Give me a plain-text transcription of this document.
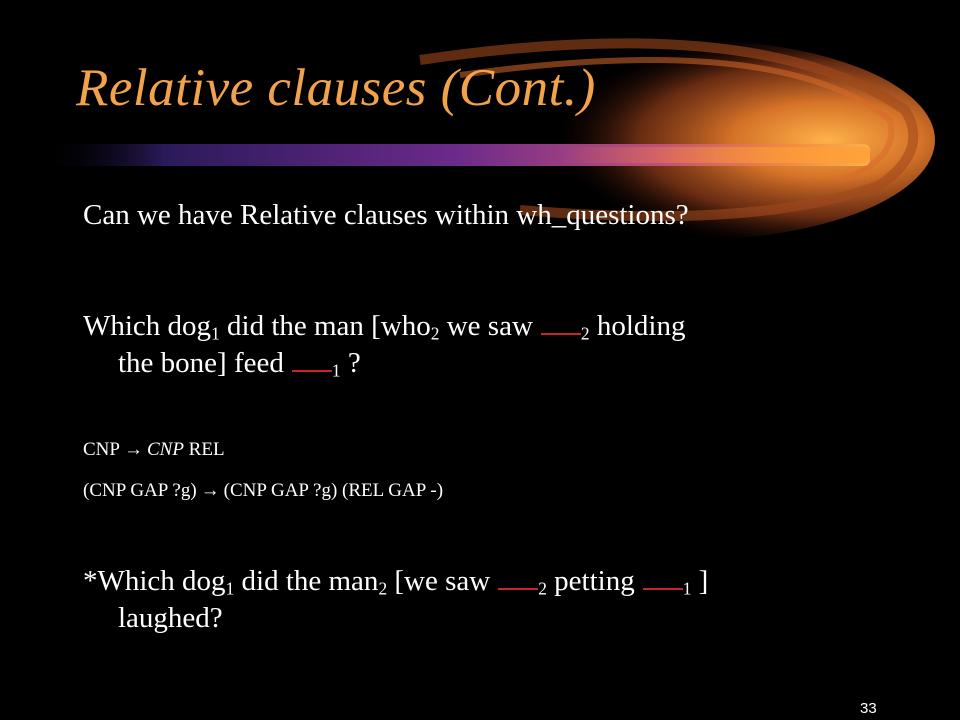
Relative clauses (Cont.)
Can we have Relative clauses within wh_questions?
Which dog$_1$ did the man [who$_2$ we saw	$_2$ holding
the bone] feed	$_1$ ?
CNP → CNP REL
(CNP GAP ?g) → (CNP GAP ?g) (REL GAP -)
*Which dog$_1$ did the man$_2$ [we saw	$_2$ petting	$_1$ ]
laughed?
33
